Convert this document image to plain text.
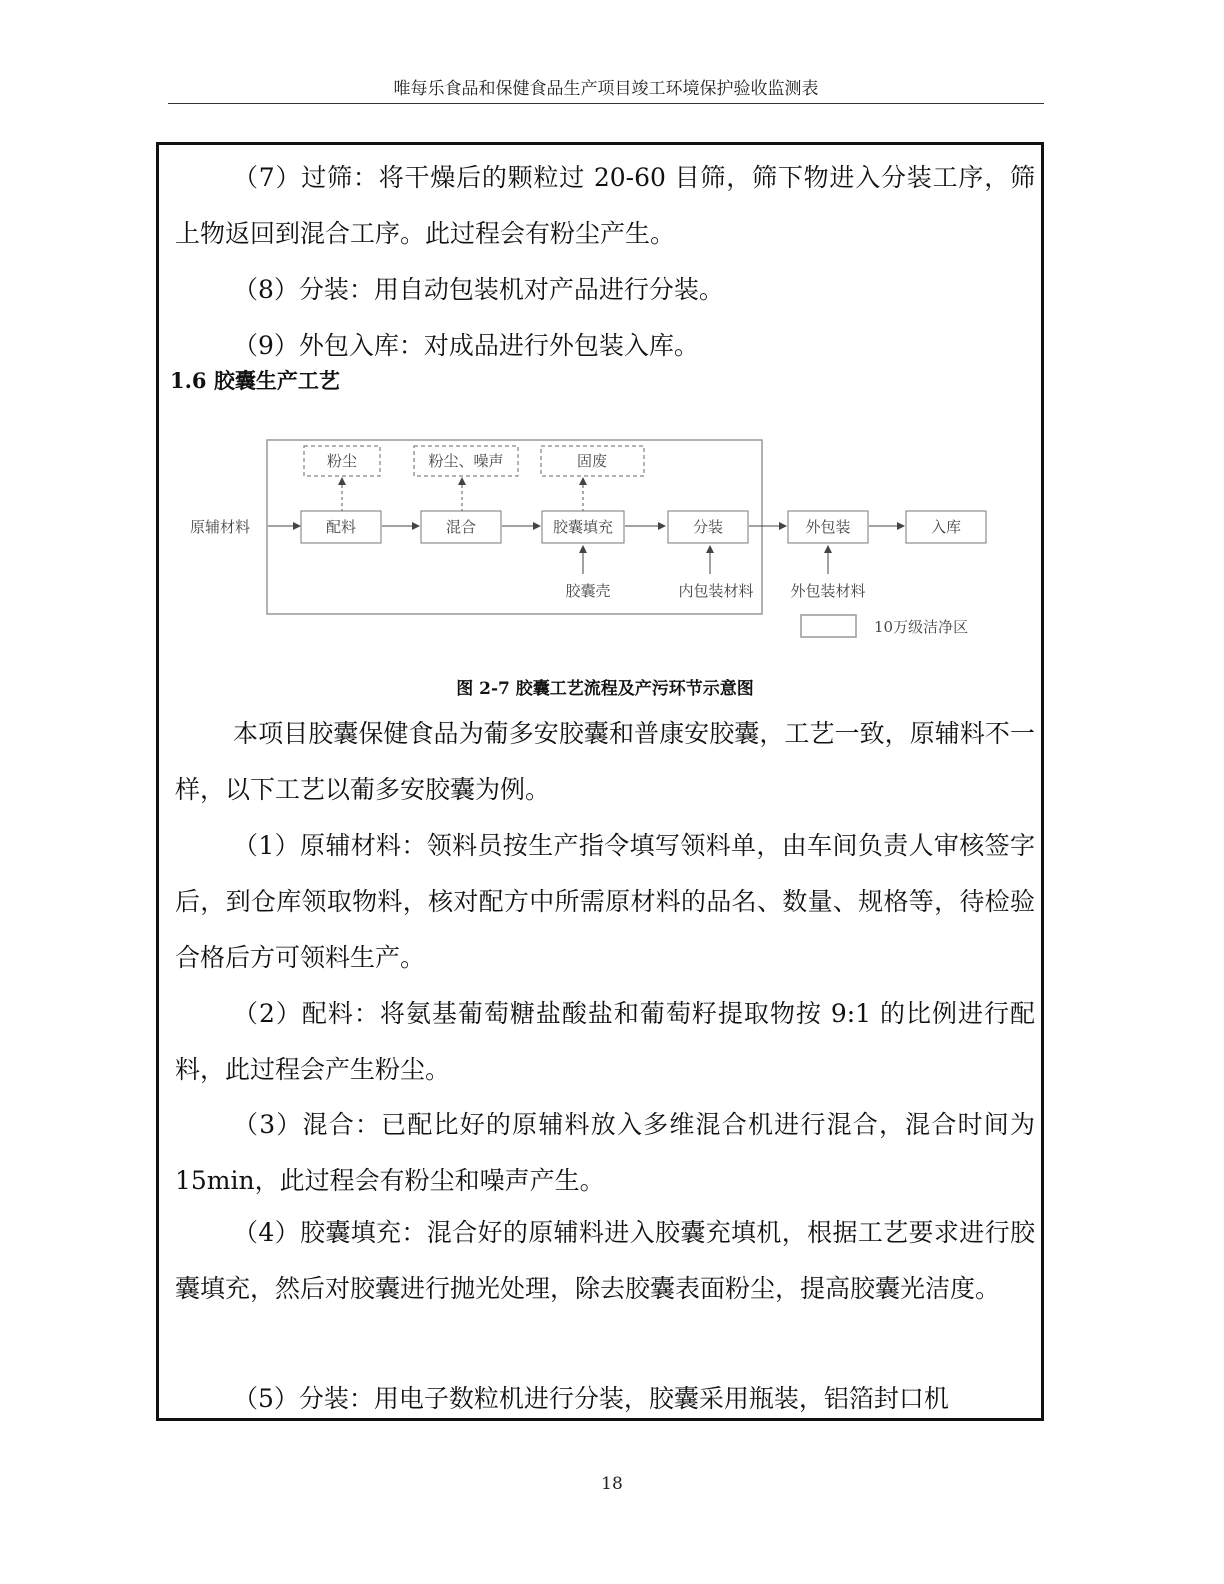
唯每乐食品和保健食品生产项目竣工环境保护验收监测表

（7）过筛：将干燥后的颗粒过 20-60 目筛，筛下物进入分装工序，筛上物返回到混合工序。此过程会有粉尘产生。

（8）分装：用自动包装机对产品进行分装。

（9）外包入库：对成品进行外包装入库。

1.6 胶囊生产工艺
粉尘	粉尘、噪声	固废
原辅材料	配料	混合	胶囊填充	分装	外包装	入库
胶囊壳	内包装材料 外包装材料
10万级洁净区
图 2-7 胶囊工艺流程及产污环节示意图

本项目胶囊保健食品为葡多安胶囊和普康安胶囊，工艺一致，原辅料不一样，以下工艺以葡多安胶囊为例。

（1）原辅材料：领料员按生产指令填写领料单，由车间负责人审核签字后，到仓库领取物料，核对配方中所需原材料的品名、数量、规格等，待检验合格后方可领料生产。

（2）配料：将氨基葡萄糖盐酸盐和葡萄籽提取物按 9:1 的比例进行配料，此过程会产生粉尘。

（3）混合：已配比好的原辅料放入多维混合机进行混合，混合时间为 15min，此过程会有粉尘和噪声产生。

（4）胶囊填充：混合好的原辅料进入胶囊充填机，根据工艺要求进行胶囊填充，然后对胶囊进行抛光处理，除去胶囊表面粉尘，提高胶囊光洁度。

（5）分装：用电子数粒机进行分装，胶囊采用瓶装，铝箔封口机

18
